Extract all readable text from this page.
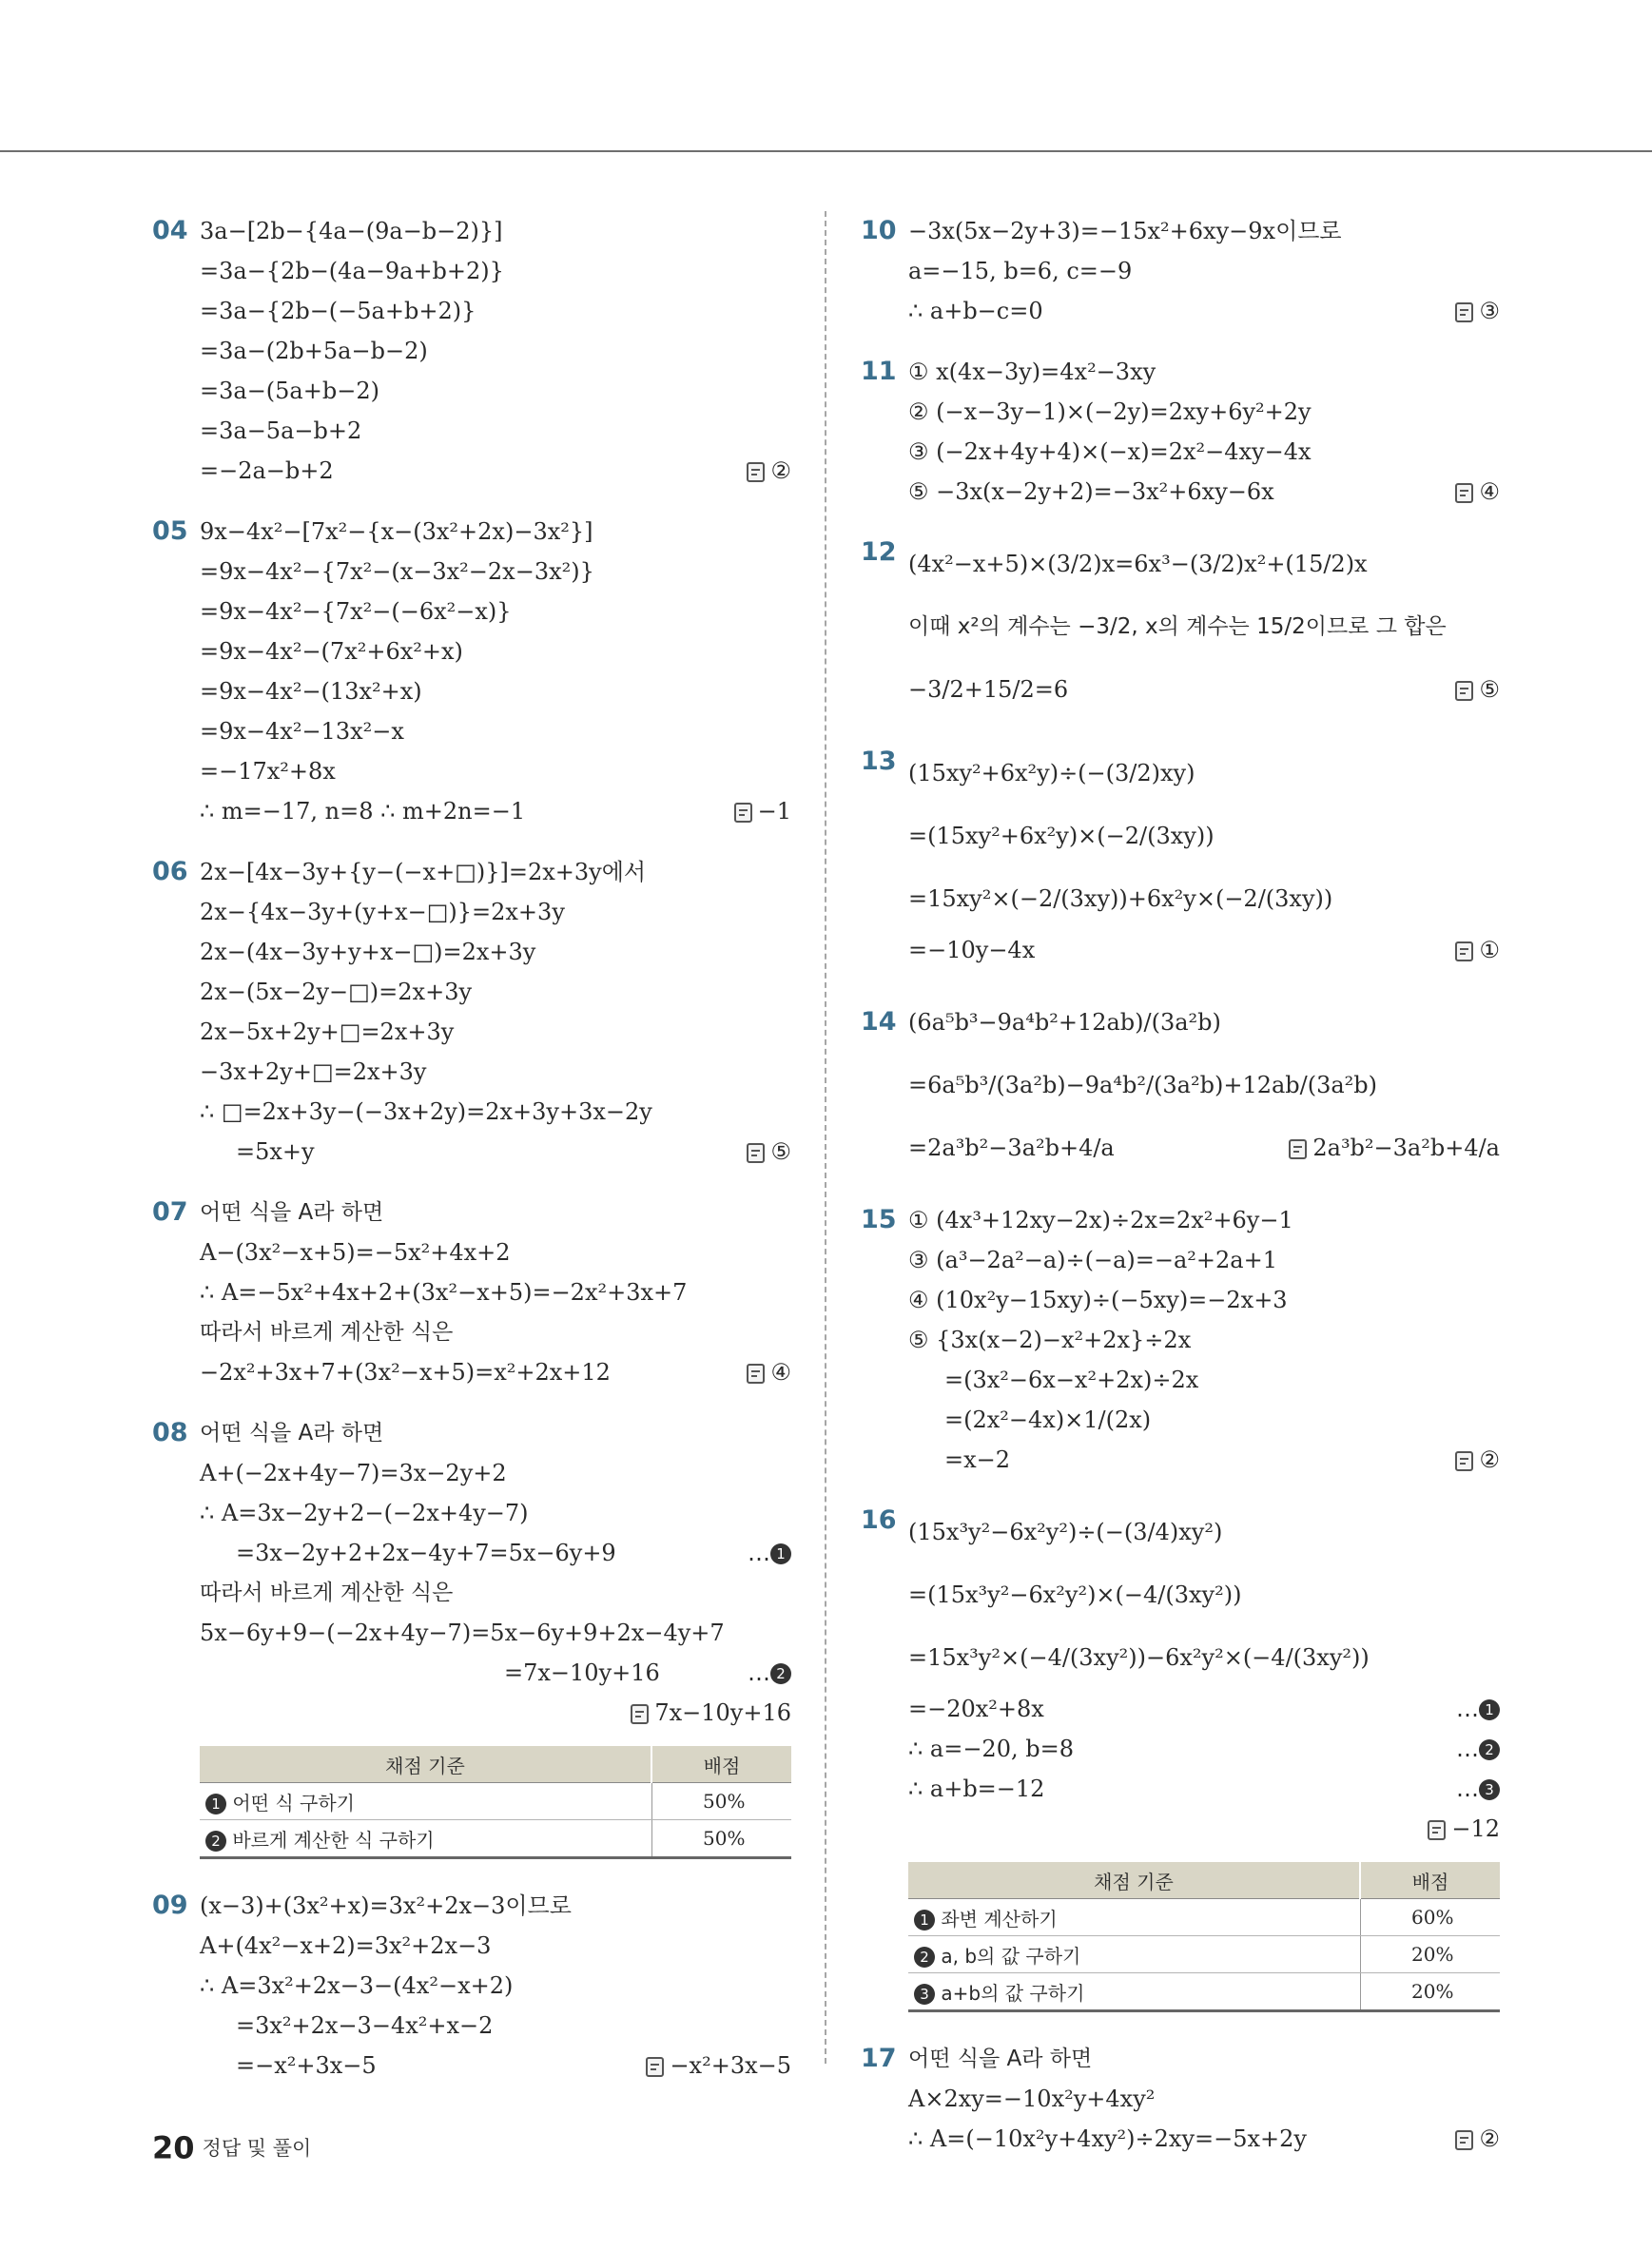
04 3a−[2b−{4a−(9a−b−2)}]
=3a−{2b−(4a−9a+b+2)}
=3a−{2b−(−5a+b+2)}
=3a−(2b+5a−b−2)
=3a−(5a+b−2)
=3a−5a−b+2
=−2a−b+2	②
05 9x−4x²−[7x²−{x−(3x²+2x)−3x²}]
=9x−4x²−{7x²−(x−3x²−2x−3x²)}
=9x−4x²−{7x²−(−6x²−x)}
=9x−4x²−(7x²+6x²+x)
=9x−4x²−(13x²+x)
=9x−4x²−13x²−x
=−17x²+8x
∴ m=−17, n=8 ∴ m+2n=−1	−1
06 2x−[4x−3y+{y−(−x+□)}]=2x+3y에서
2x−{4x−3y+(y+x−□)}=2x+3y
2x−(4x−3y+y+x−□)=2x+3y
2x−(5x−2y−□)=2x+3y
2x−5x+2y+□=2x+3y
−3x+2y+□=2x+3y
∴ □=2x+3y−(−3x+2y)=2x+3y+3x−2y
=5x+y	⑤
07 어떤 식을 A라 하면
A−(3x²−x+5)=−5x²+4x+2
∴ A=−5x²+4x+2+(3x²−x+5)=−2x²+3x+7
따라서 바르게 계산한 식은
−2x²+3x+7+(3x²−x+5)=x²+2x+12	④
08 어떤 식을 A라 하면
A+(−2x+4y−7)=3x−2y+2
∴ A=3x−2y+2−(−2x+4y−7)
=3x−2y+2+2x−4y+7=5x−6y+9	… 1
따라서 바르게 계산한 식은
5x−6y+9−(−2x+4y−7)=5x−6y+9+2x−4y+7
=7x−10y+16	… 2
7x−10y+16
채점 기준	배점
1 어떤 식 구하기	50%
2 바르게 계산한 식 구하기	50%
09 (x−3)+(3x²+x)=3x²+2x−3이므로
A+(4x²−x+2)=3x²+2x−3
∴ A=3x²+2x−3−(4x²−x+2)
=3x²+2x−3−4x²+x−2
=−x²+3x−5	−x²+3x−5
10 −3x(5x−2y+3)=−15x²+6xy−9x이므로
a=−15, b=6, c=−9
∴ a+b−c=0	③
11 ① x(4x−3y)=4x²−3xy
② (−x−3y−1)×(−2y)=2xy+6y²+2y
③ (−2x+4y+4)×(−x)=2x²−4xy−4x
⑤ −3x(x−2y+2)=−3x²+6xy−6x	④
12 (4x²−x+5)×(3/2)x=6x³−(3/2)x²+(15/2)x
이때 x²의 계수는 −3/2, x의 계수는 15/2이므로 그 합은
−3/2+15/2=6	⑤
13 (15xy²+6x²y)÷(−(3/2)xy)
=(15xy²+6x²y)×(−2/(3xy))
=15xy²×(−2/(3xy))+6x²y×(−2/(3xy))
=−10y−4x	①
14 (6a⁵b³−9a⁴b²+12ab)/(3a²b)
=6a⁵b³/(3a²b)−9a⁴b²/(3a²b)+12ab/(3a²b)
=2a³b²−3a²b+4/a	2a³b²−3a²b+4/a
15 ① (4x³+12xy−2x)÷2x=2x²+6y−1
③ (a³−2a²−a)÷(−a)=−a²+2a+1
④ (10x²y−15xy)÷(−5xy)=−2x+3
⑤ {3x(x−2)−x²+2x}÷2x
=(3x²−6x−x²+2x)÷2x
=(2x²−4x)×1/(2x)
=x−2	②
16 (15x³y²−6x²y²)÷(−(3/4)xy²)
=(15x³y²−6x²y²)×(−4/(3xy²))
=15x³y²×(−4/(3xy²))−6x²y²×(−4/(3xy²))
=−20x²+8x	… 1
∴ a=−20, b=8	… 2
∴ a+b=−12	… 3
−12
채점 기준	배점
1 좌변 계산하기	60%
2 a, b의 값 구하기	20%
3 a+b의 값 구하기	20%
17 어떤 식을 A라 하면
A×2xy=−10x²y+4xy²
∴ A=(−10x²y+4xy²)÷2xy=−5x+2y	②
20 정답 및 풀이
